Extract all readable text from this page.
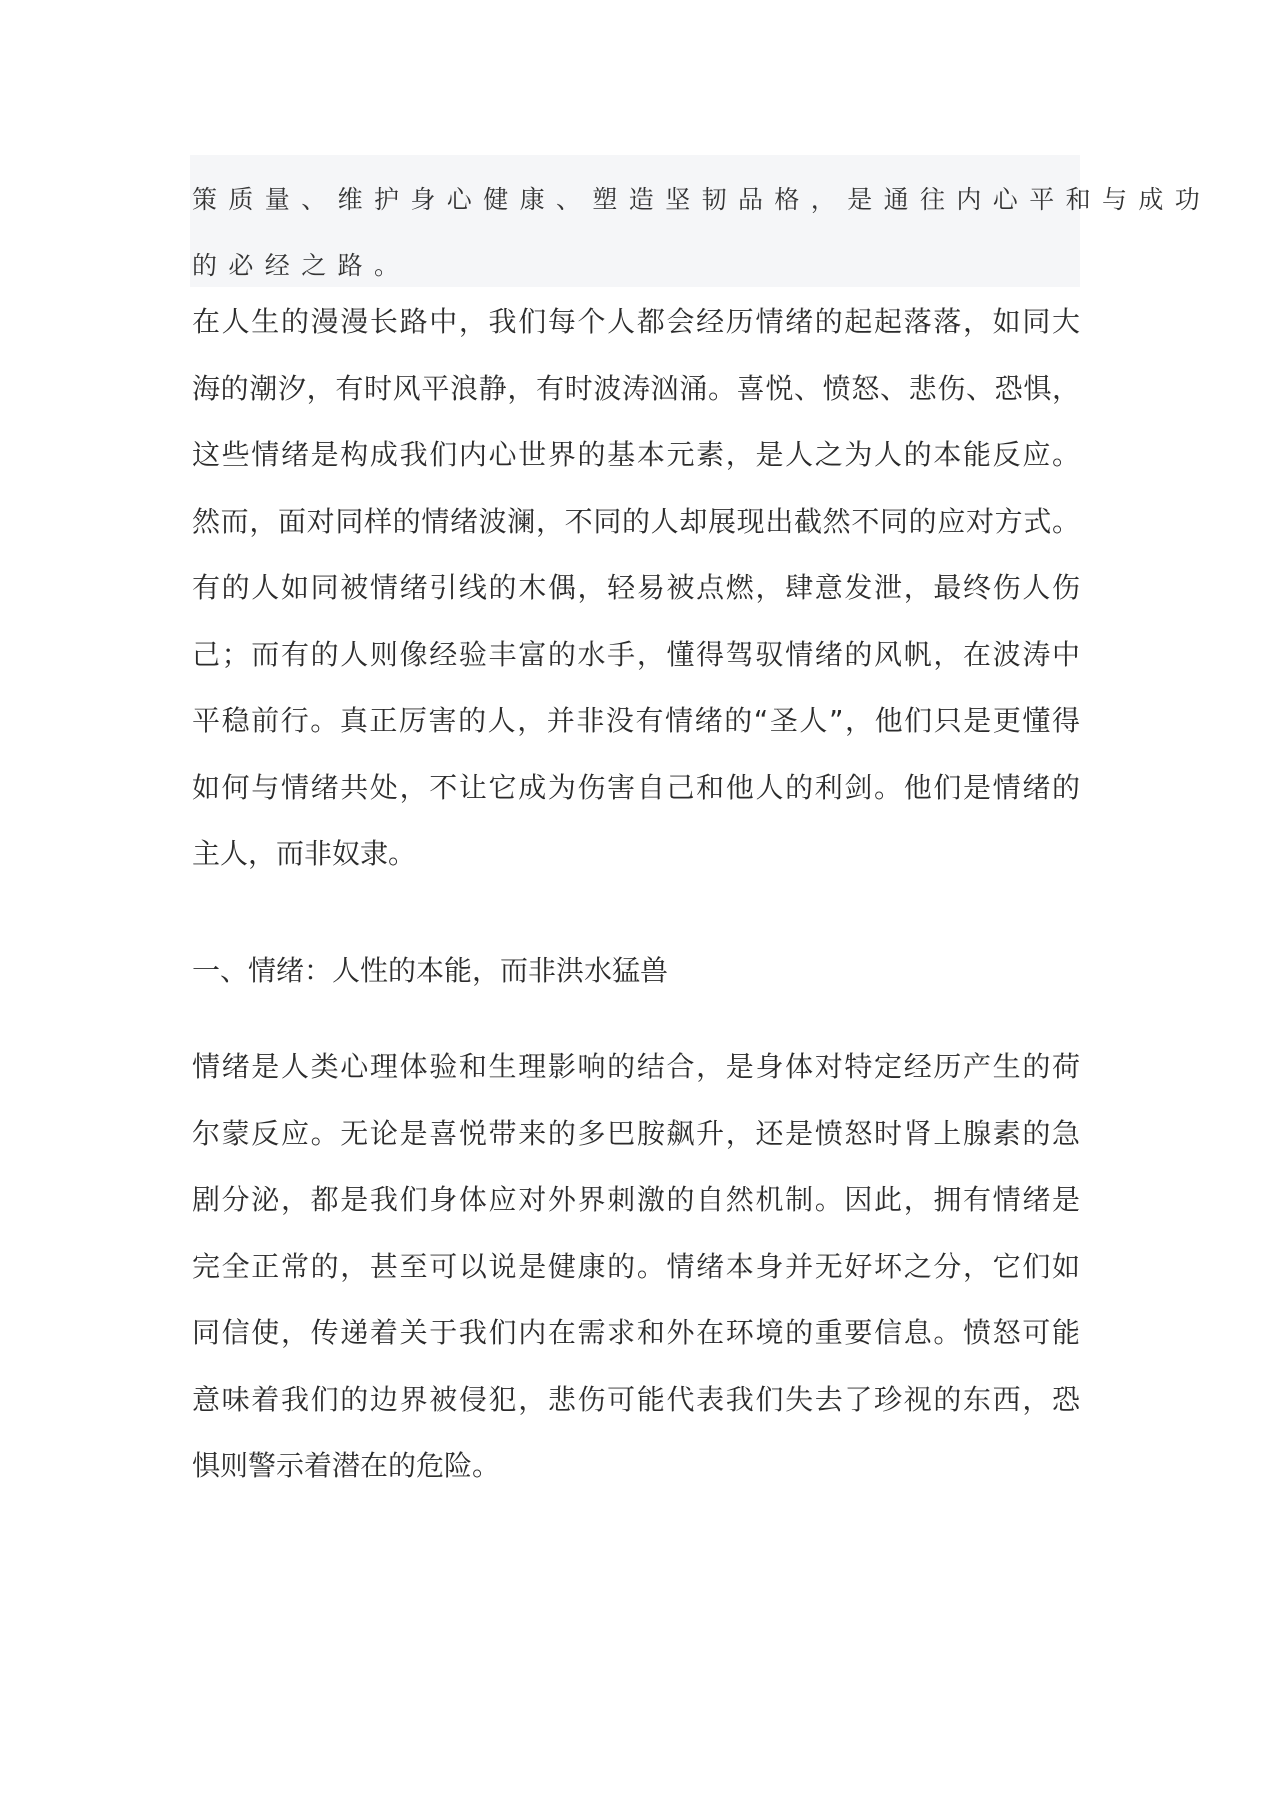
策质量、维护身心健康、塑造坚韧品格，是通往内心平和与成功
的必经之路。
在人生的漫漫长路中，我们每个人都会经历情绪的起起落落，如同大
海的潮汐，有时风平浪静，有时波涛汹涌。喜悦、愤怒、悲伤、恐惧，
这些情绪是构成我们内心世界的基本元素，是人之为人的本能反应。
然而，面对同样的情绪波澜，不同的人却展现出截然不同的应对方式。
有的人如同被情绪引线的木偶，轻易被点燃，肆意发泄，最终伤人伤
己；而有的人则像经验丰富的水手，懂得驾驭情绪的风帆，在波涛中
平稳前行。真正厉害的人，并非没有情绪的“圣人”，他们只是更懂得
如何与情绪共处，不让它成为伤害自己和他人的利剑。他们是情绪的
主人，而非奴隶。
一、情绪：人性的本能，而非洪水猛兽
情绪是人类心理体验和生理影响的结合，是身体对特定经历产生的荷
尔蒙反应。无论是喜悦带来的多巴胺飙升，还是愤怒时肾上腺素的急
剧分泌，都是我们身体应对外界刺激的自然机制。因此，拥有情绪是
完全正常的，甚至可以说是健康的。情绪本身并无好坏之分，它们如
同信使，传递着关于我们内在需求和外在环境的重要信息。愤怒可能
意味着我们的边界被侵犯，悲伤可能代表我们失去了珍视的东西，恐
惧则警示着潜在的危险。
